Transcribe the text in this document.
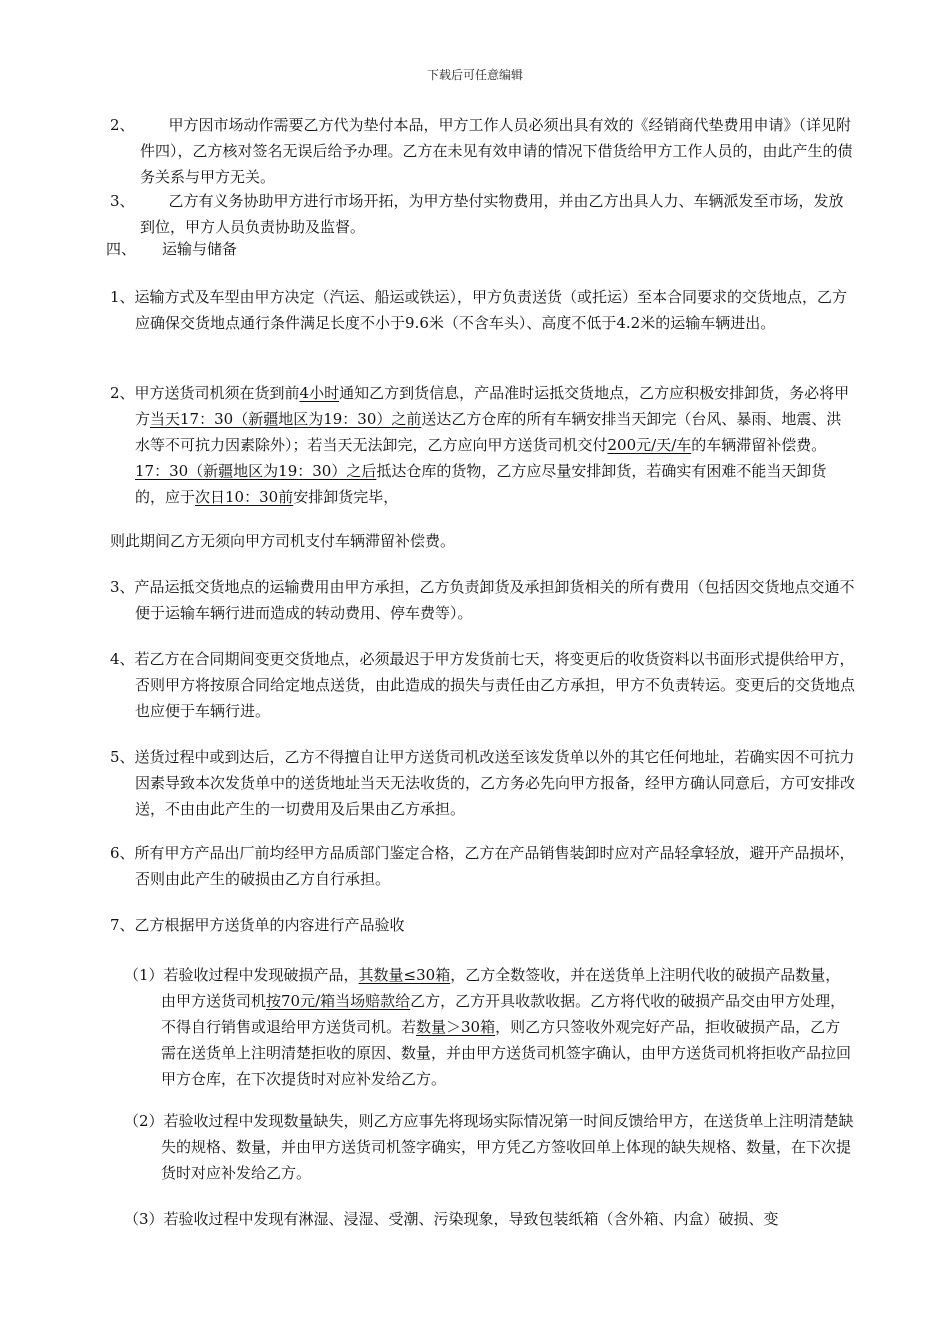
下载后可任意编辑
2、 甲方因市场动作需要乙方代为垫付本品，甲方工作人员必须出具有效的《经销商代垫费用申请》（详见附件四），乙方核对签名无误后给予办理。乙方在未见有效申请的情况下借货给甲方工作人员的，由此产生的债务关系与甲方无关。
3、 乙方有义务协助甲方进行市场开拓，为甲方垫付实物费用，并由乙方出具人力、车辆派发至市场，发放到位，甲方人员负责协助及监督。
四、 运输与储备
1、运输方式及车型由甲方决定（汽运、船运或铁运），甲方负责送货（或托运）至本合同要求的交货地点，乙方应确保交货地点通行条件满足长度不小于9.6米（不含车头）、高度不低于4.2米的运输车辆进出。
2、甲方送货司机须在货到前4小时通知乙方到货信息，产品准时运抵交货地点，乙方应积极安排卸货，务必将甲方当天17：30（新疆地区为19：30）之前送达乙方仓库的所有车辆安排当天卸完（台风、暴雨、地震、洪水等不可抗力因素除外）；若当天无法卸完，乙方应向甲方送货司机交付200元/天/车的车辆滞留补偿费。17：30（新疆地区为19：30）之后抵达仓库的货物，乙方应尽量安排卸货，若确实有困难不能当天卸货的，应于次日10：30前安排卸货完毕，
则此期间乙方无须向甲方司机支付车辆滞留补偿费。
3、产品运抵交货地点的运输费用由甲方承担，乙方负责卸货及承担卸货相关的所有费用（包括因交货地点交通不便于运输车辆行进而造成的转动费用、停车费等）。
4、若乙方在合同期间变更交货地点，必须最迟于甲方发货前七天，将变更后的收货资料以书面形式提供给甲方，否则甲方将按原合同给定地点送货，由此造成的损失与责任由乙方承担，甲方不负责转运。变更后的交货地点也应便于车辆行进。
5、送货过程中或到达后，乙方不得擅自让甲方送货司机改送至该发货单以外的其它任何地址，若确实因不可抗力因素导致本次发货单中的送货地址当天无法收货的，乙方务必先向甲方报备，经甲方确认同意后，方可安排改送，不由由此产生的一切费用及后果由乙方承担。
6、所有甲方产品出厂前均经甲方品质部门鉴定合格，乙方在产品销售装卸时应对产品轻拿轻放，避开产品损坏，否则由此产生的破损由乙方自行承担。
7、乙方根据甲方送货单的内容进行产品验收
（1）若验收过程中发现破损产品，其数量≤30箱，乙方全数签收，并在送货单上注明代收的破损产品数量，由甲方送货司机按70元/箱当场赔款给乙方，乙方开具收款收据。乙方将代收的破损产品交由甲方处理，不得自行销售或退给甲方送货司机。若数量＞30箱，则乙方只签收外观完好产品，拒收破损产品，乙方需在送货单上注明清楚拒收的原因、数量，并由甲方送货司机签字确认，由甲方送货司机将拒收产品拉回甲方仓库，在下次提货时对应补发给乙方。
（2）若验收过程中发现数量缺失，则乙方应事先将现场实际情况第一时间反馈给甲方，在送货单上注明清楚缺失的规格、数量，并由甲方送货司机签字确实，甲方凭乙方签收回单上体现的缺失规格、数量，在下次提货时对应补发给乙方。
（3）若验收过程中发现有淋湿、浸湿、受潮、污染现象，导致包装纸箱（含外箱、内盒）破损、变
